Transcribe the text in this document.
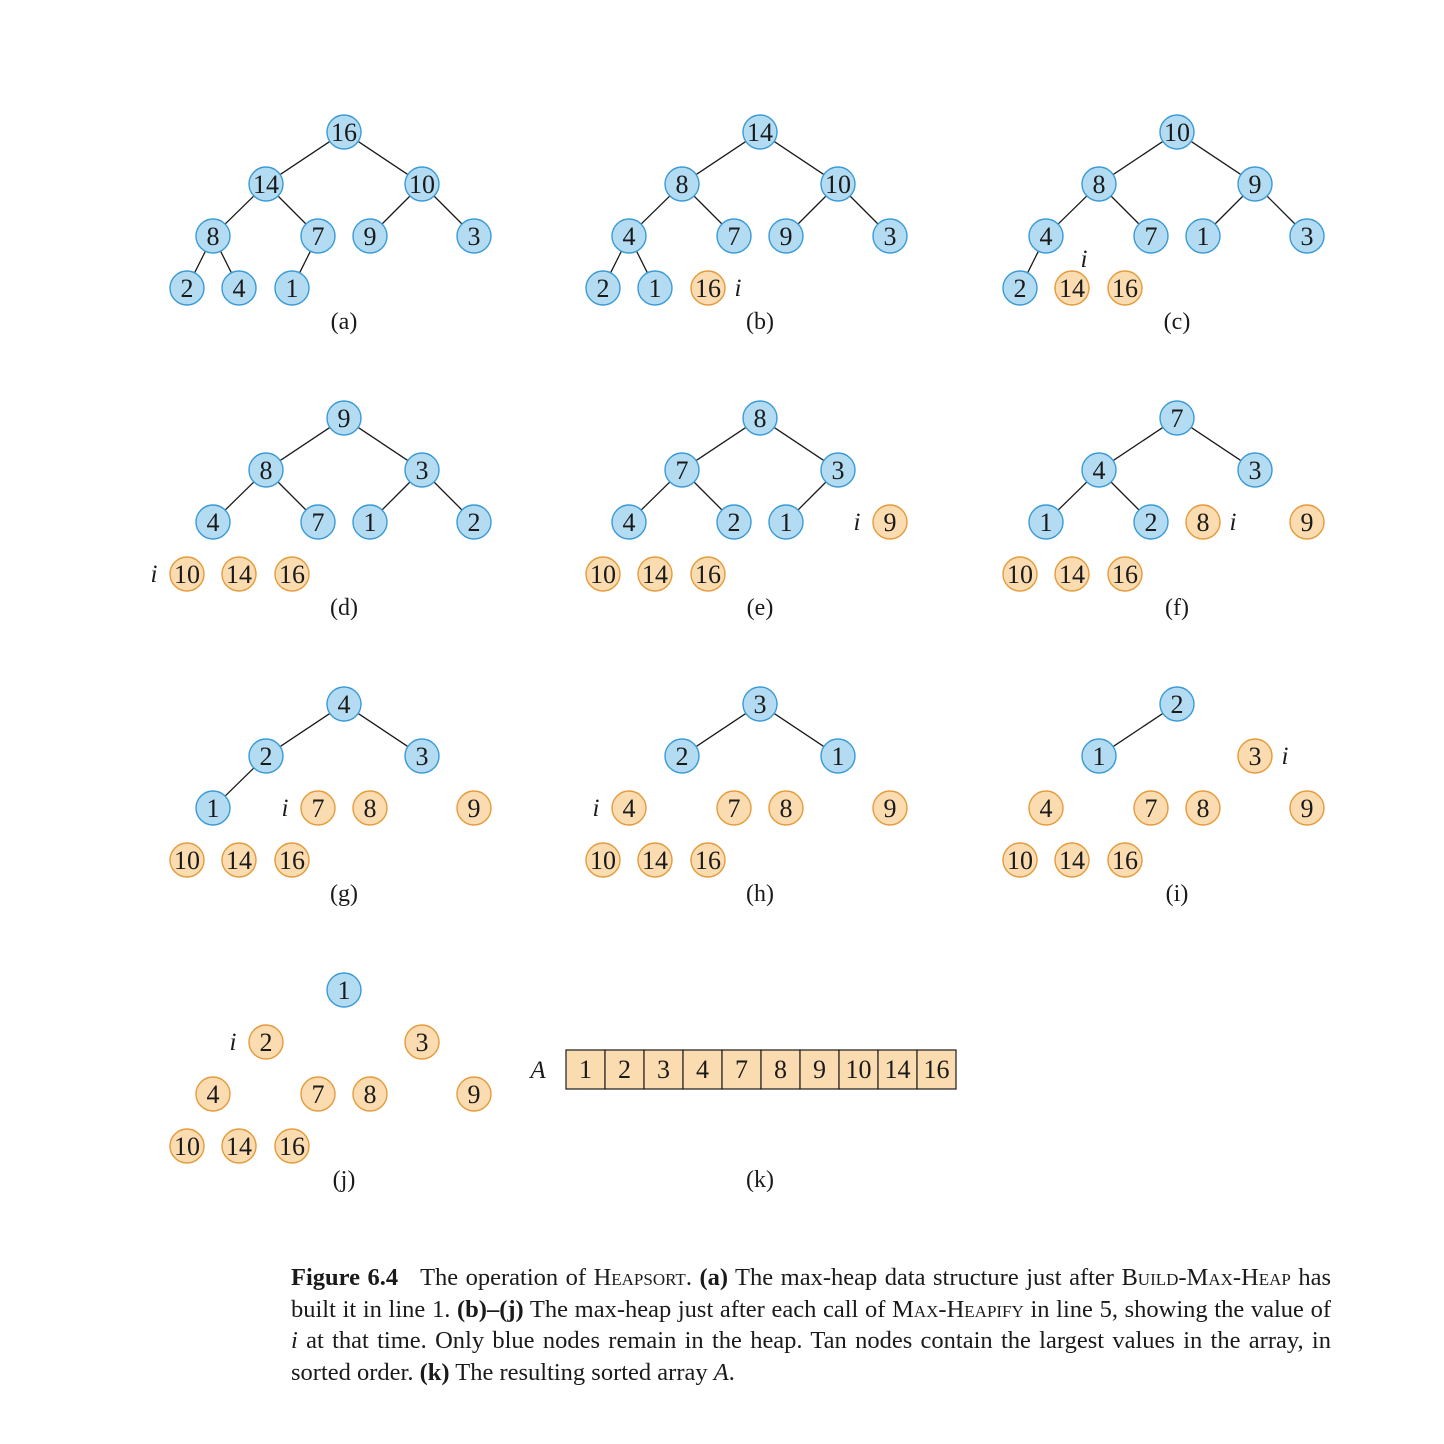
16
14	10
8	7 9	3
2 4 1
(a)
14
8	10
4	7 9	3
2 1 16 i
(b)
10
8	9
4	7 1	3
2 14 16
i
(c)
9
8	3
4	7 1	2
10 14 16
i
(d)
8
7	3
4	2 1	9
10 14 16
i
(e)
7
4	3
1	2 8	9
10 14 16
i
(f)
4
2	3
1	7 8	9
10 14 16
i
(g)
3
2	1
4	7 8	9
10 14 16
i
(h)
2
1	3
4	7 8	9
10 14 16
i
(i)
1
2	3
4	7 8	9
10 14 16
i
(j)
A 1 2 3 4 7 8 9 10 14 16
(k)
Figure 6.4 The operation of Heapsort. (a) The max-heap data structure just after Build-Max-Heap has built it in line 1. (b)–(j) The max-heap just after each call of Max-Heapify in line 5, showing the value of i at that time. Only blue nodes remain in the heap. Tan nodes contain the largest values in the array, in sorted order. (k) The resulting sorted array A.
